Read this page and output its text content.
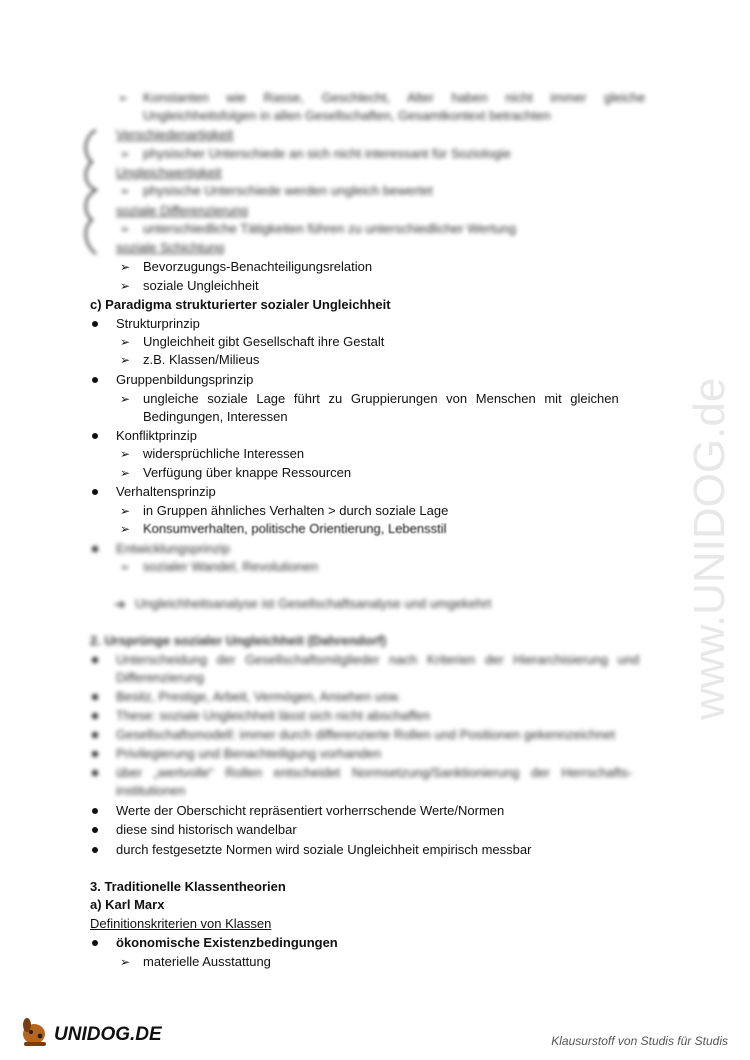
➢ Konstanten wie Rasse, Geschlecht, Alter haben nicht immer gleiche
Ungleichheitsfolgen in allen Gesellschaften, Gesamtkontext betrachten
Verschiedenartigkeit
➢ physischer Unterschiede an sich nicht interessant für Soziologie
Ungleichwertigkeit
➢ physische Unterschiede werden ungleich bewertet
soziale Differenzierung
➢ unterschiedliche Tätigkeiten führen zu unterschiedlicher Wertung
soziale Schichtung
➢ Bevorzugungs-Benachteiligungsrelation
➢ soziale Ungleichheit
c) Paradigma strukturierter sozialer Ungleichheit
Strukturprinzip
➢ Ungleichheit gibt Gesellschaft ihre Gestalt
➢ z.B. Klassen/Milieus
Gruppenbildungsprinzip
➢ ungleiche soziale Lage führt zu Gruppierungen von Menschen mit gleichen
Bedingungen, Interessen
Konfliktprinzip
➢ widersprüchliche Interessen
➢ Verfügung über knappe Ressourcen
Verhaltensprinzip
➢ in Gruppen ähnliches Verhalten > durch soziale Lage
➢ Konsumverhalten, politische Orientierung, Lebensstil
Entwicklungsprinzip
➢ sozialer Wandel, Revolutionen
➔ Ungleichheitsanalyse ist Gesellschaftsanalyse und umgekehrt
2. Ursprünge sozialer Ungleichheit (Dahrendorf)
Unterscheidung der Gesellschaftsmitglieder nach Kriterien der Hierarchisierung und
Differenzierung
Besitz, Prestige, Arbeit, Vermögen, Ansehen usw.
These: soziale Ungleichheit lässt sich nicht abschaffen
Gesellschaftsmodell: immer durch differenzierte Rollen und Positionen gekennzeichnet
Privilegierung und Benachteiligung vorhanden
über „wertvolle“ Rollen entscheidet Normsetzung/Sanktionierung der Herrschafts-
institutionen
Werte der Oberschicht repräsentiert vorherrschende Werte/Normen
diese sind historisch wandelbar
durch festgesetzte Normen wird soziale Ungleichheit empirisch messbar
3. Traditionelle Klassentheorien
a) Karl Marx
Definitionskriterien von Klassen
ökonomische Existenzbedingungen
➢ materielle Ausstattung
www.UNIDOG.de
UNIDOG.DE	Klausurstoff von Studis für Studis
